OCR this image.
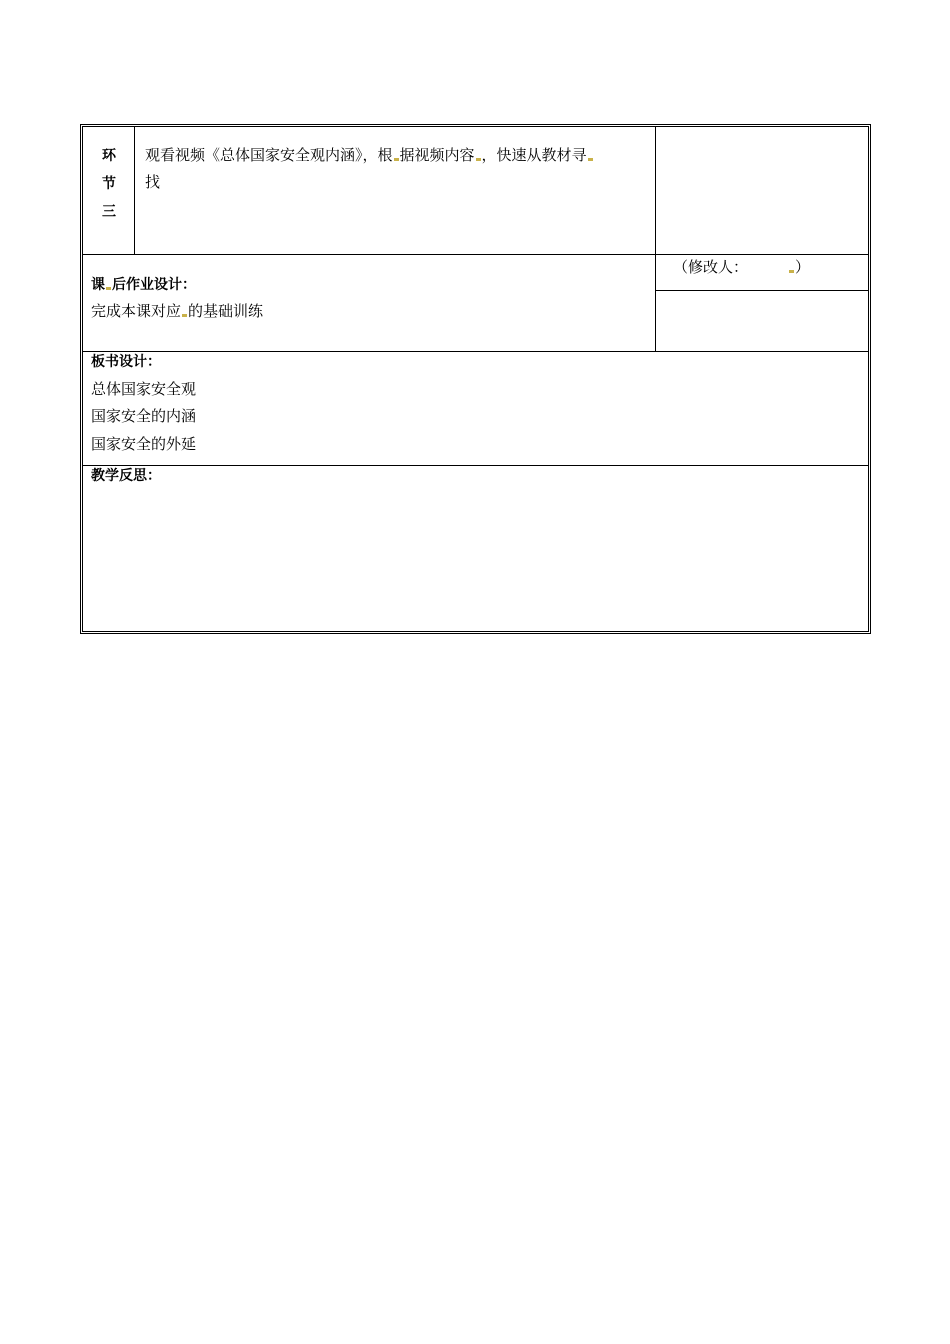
环
节
三
观看视频《总体国家安全观内涵》，根 据视频内容 ，快速从教材寻
找
（修改人：	）
课 后作业设计：
完成本课对应 的基础训练
板书设计：
总体国家安全观
国家安全的内涵
国家安全的外延
教学反思：
